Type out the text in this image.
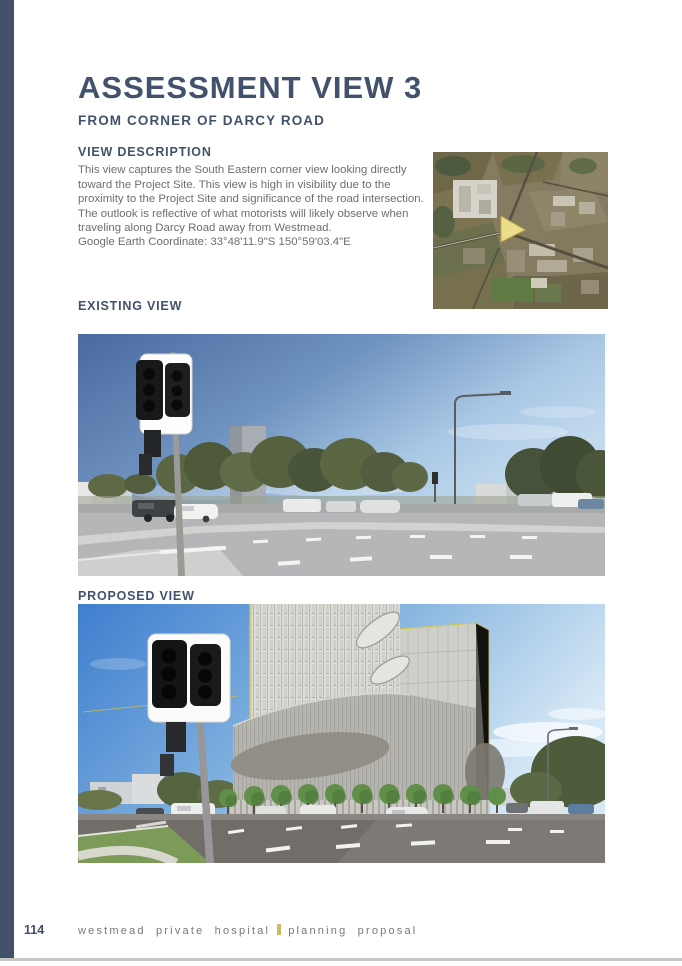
ASSESSMENT VIEW 3
FROM CORNER OF DARCY ROAD
VIEW DESCRIPTION

This view captures the South Eastern corner view looking directly toward the Project Site. This view is high in visibility due to the proximity to the Project Site and significance of the road intersection. The outlook is reflective of what motorists will likely observe when traveling along Darcy Road away from Westmead.

Google Earth Coordinate: 33°48'11.9"S 150°59'03.4"E

EXISTING VIEW
PROPOSED VIEW
114	westmead private hospital planning proposal
